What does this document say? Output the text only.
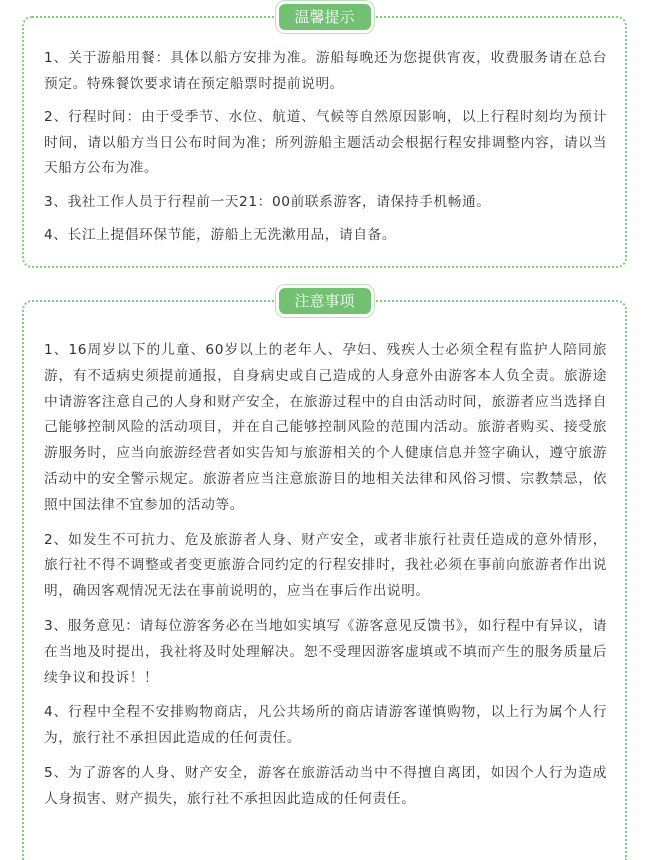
温馨提示

1、关于游船用餐：具体以船方安排为准。游船每晚还为您提供宵夜，收费服务请在总台预定。特殊餐饮要求请在预定船票时提前说明。

2、行程时间：由于受季节、水位、航道、气候等自然原因影响，以上行程时刻均为预计时间，请以船方当日公布时间为准；所列游船主题活动会根据行程安排调整内容，请以当天船方公布为准。

3、我社工作人员于行程前一天21：00前联系游客，请保持手机畅通。

4、长江上提倡环保节能，游船上无洗漱用品，请自备。

注意事项

1、16周岁以下的儿童、60岁以上的老年人、孕妇、残疾人士必须全程有监护人陪同旅游，有不适病史须提前通报，自身病史或自己造成的人身意外由游客本人负全责。旅游途中请游客注意自己的人身和财产安全，在旅游过程中的自由活动时间，旅游者应当选择自己能够控制风险的活动项目，并在自己能够控制风险的范围内活动。旅游者购买、接受旅游服务时，应当向旅游经营者如实告知与旅游相关的个人健康信息并签字确认，遵守旅游活动中的安全警示规定。旅游者应当注意旅游目的地相关法律和风俗习惯、宗教禁忌，依照中国法律不宜参加的活动等。

2、如发生不可抗力、危及旅游者人身、财产安全，或者非旅行社责任造成的意外情形，旅行社不得不调整或者变更旅游合同约定的行程安排时，我社必须在事前向旅游者作出说明，确因客观情况无法在事前说明的，应当在事后作出说明。

3、服务意见：请每位游客务必在当地如实填写《游客意见反馈书》，如行程中有异议，请在当地及时提出，我社将及时处理解决。恕不受理因游客虚填或不填而产生的服务质量后续争议和投诉！！

4、行程中全程不安排购物商店，凡公共场所的商店请游客谨慎购物，以上行为属个人行为，旅行社不承担因此造成的任何责任。

5、为了游客的人身、财产安全，游客在旅游活动当中不得擅自离团，如因个人行为造成人身损害、财产损失，旅行社不承担因此造成的任何责任。
